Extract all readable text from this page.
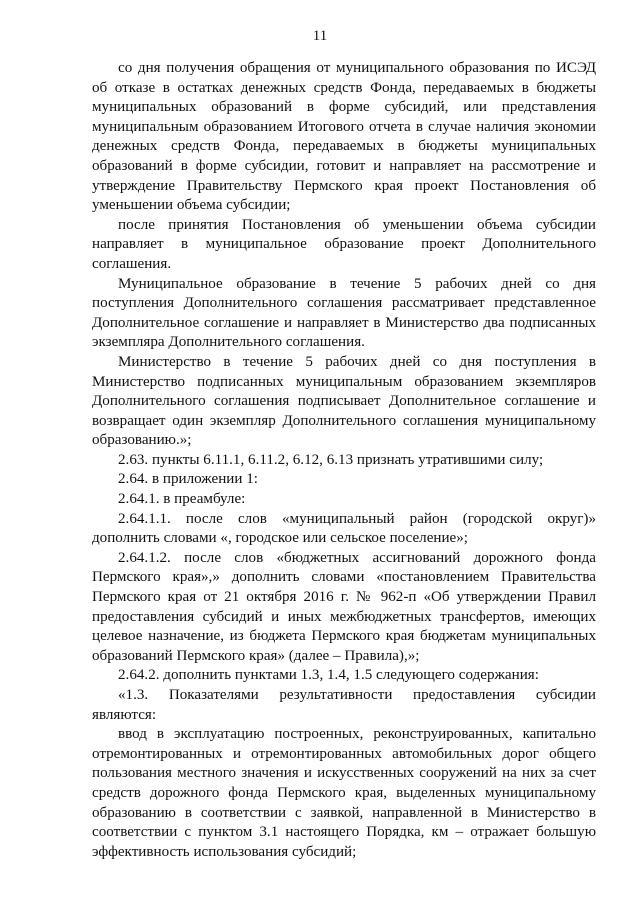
11

со дня получения обращения от муниципального образования по ИСЭД об отказе в остатках денежных средств Фонда, передаваемых в бюджеты муниципальных образований в форме субсидий, или представления муниципальным образованием Итогового отчета в случае наличия экономии денежных средств Фонда, передаваемых в бюджеты муниципальных образований в форме субсидии, готовит и направляет на рассмотрение и утверждение Правительству Пермского края проект Постановления об уменьшении объема субсидии;

после принятия Постановления об уменьшении объема субсидии направляет в муниципальное образование проект Дополнительного соглашения.

Муниципальное образование в течение 5 рабочих дней со дня поступления Дополнительного соглашения рассматривает представленное Дополнительное соглашение и направляет в Министерство два подписанных экземпляра Дополнительного соглашения.

Министерство в течение 5 рабочих дней со дня поступления в Министерство подписанных муниципальным образованием экземпляров Дополнительного соглашения подписывает Дополнительное соглашение и возвращает один экземпляр Дополнительного соглашения муниципальному образованию.»;

2.63. пункты 6.11.1, 6.11.2, 6.12, 6.13 признать утратившими силу;

2.64. в приложении 1:

2.64.1. в преамбуле:

2.64.1.1. после слов «муниципальный район (городской округ)» дополнить словами «, городское или сельское поселение»;

2.64.1.2. после слов «бюджетных ассигнований дорожного фонда Пермского края»,» дополнить словами «постановлением Правительства Пермского края от 21 октября 2016 г. № 962-п «Об утверждении Правил предоставления субсидий и иных межбюджетных трансфертов, имеющих целевое назначение, из бюджета Пермского края бюджетам муниципальных образований Пермского края» (далее – Правила),»;

2.64.2. дополнить пунктами 1.3, 1.4, 1.5 следующего содержания:

«1.3. Показателями результативности предоставления субсидии являются:

ввод в эксплуатацию построенных, реконструированных, капитально отремонтированных и отремонтированных автомобильных дорог общего пользования местного значения и искусственных сооружений на них за счет средств дорожного фонда Пермского края, выделенных муниципальному образованию в соответствии с заявкой, направленной в Министерство в соответствии с пунктом 3.1 настоящего Порядка, км – отражает большую эффективность использования субсидий;
